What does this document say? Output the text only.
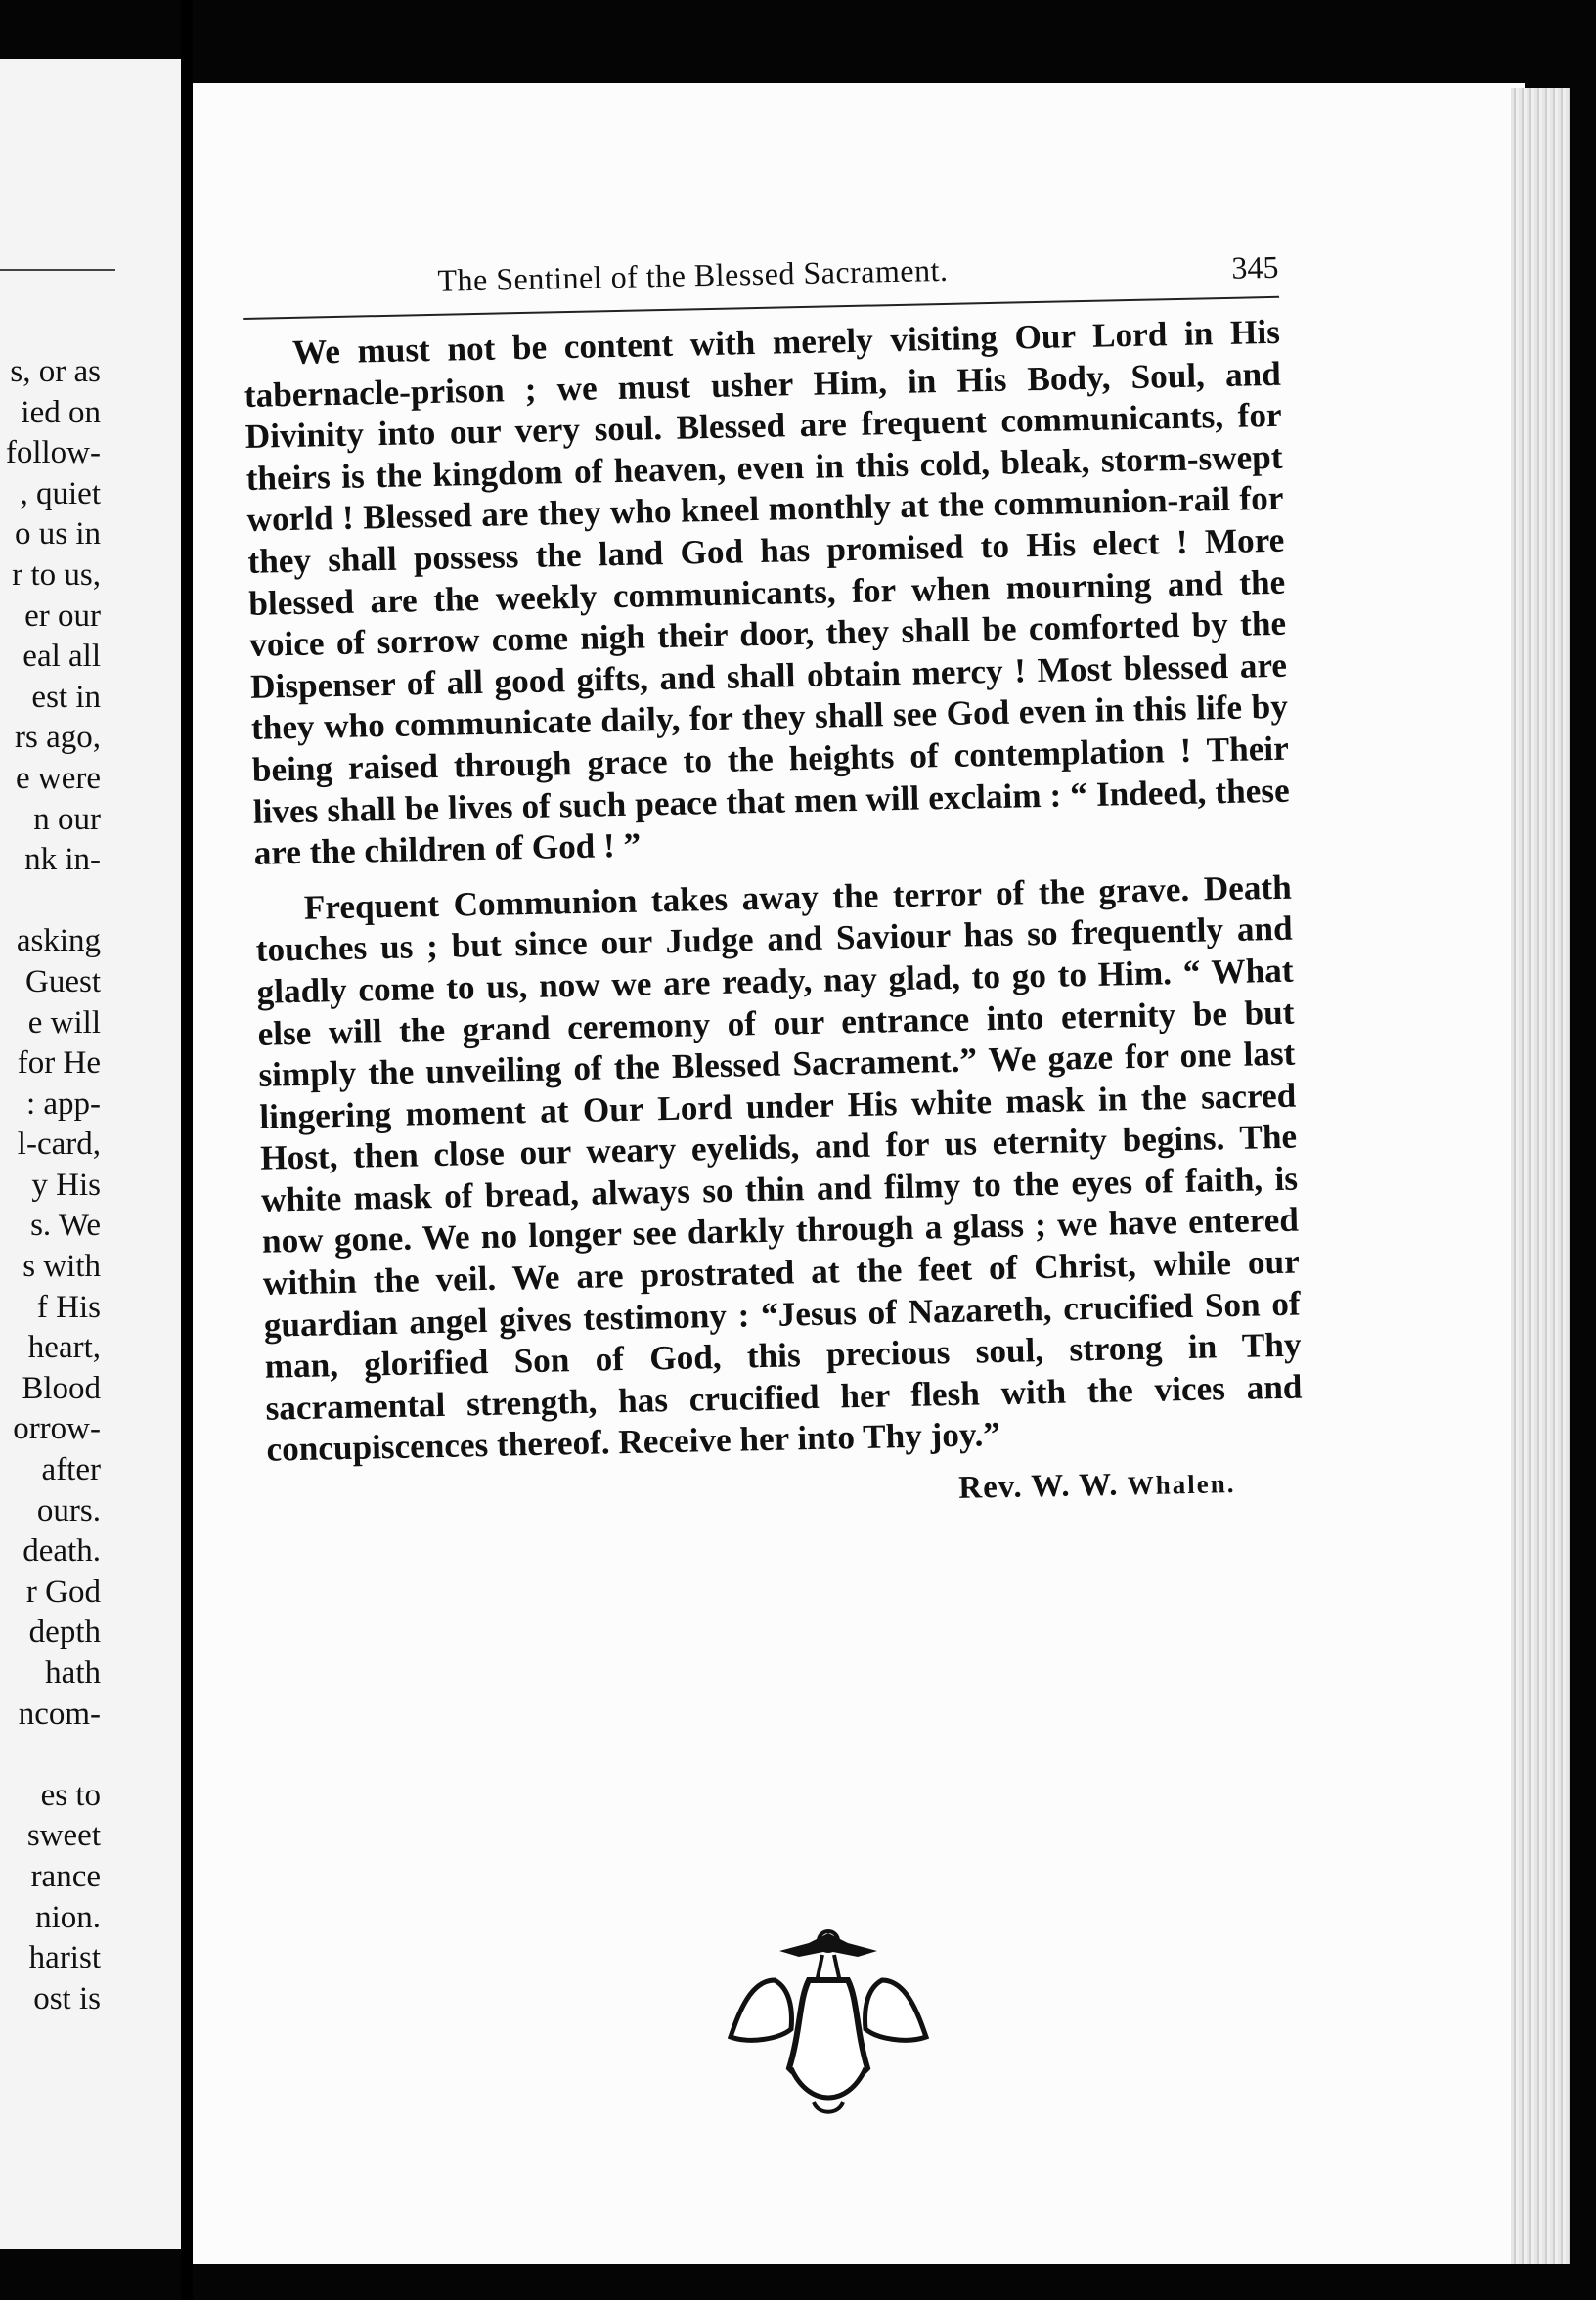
s, or as
ied on
follow-
, quiet
o us in
r to us,
er our
eal all
est in
rs ago,
e were
n our
nk in-
asking
Guest
e will
for He
: app-
l-card,
y His
s. We
s with
f His
heart,
Blood
orrow-
after
ours.
death.
r God
depth
hath
ncom-
es to
sweet
rance
nion.
harist
ost is
The Sentinel of the Blessed Sacrament.	345

We must not be content with merely visiting Our Lord in His tabernacle-prison ; we must usher Him, in His Body, Soul, and Divinity into our very soul. Blessed are frequent communicants, for theirs is the kingdom of heaven, even in this cold, bleak, storm-swept world ! Blessed are they who kneel monthly at the communion-rail for they shall possess the land God has promised to His elect ! More blessed are the weekly communicants, for when mourning and the voice of sorrow come nigh their door, they shall be comforted by the Dispenser of all good gifts, and shall obtain mercy ! Most blessed are they who communicate daily, for they shall see God even in this life by being raised through grace to the heights of contemplation ! Their lives shall be lives of such peace that men will exclaim : “ Indeed, these are the children of God ! ”

Frequent Communion takes away the terror of the grave. Death touches us ; but since our Judge and Saviour has so frequently and gladly come to us, now we are ready, nay glad, to go to Him. “ What else will the grand ceremony of our entrance into eternity be but simply the unveiling of the Blessed Sacrament.” We gaze for one last lingering moment at Our Lord under His white mask in the sacred Host, then close our weary eyelids, and for us eternity begins. The white mask of bread, always so thin and filmy to the eyes of faith, is now gone. We no longer see darkly through a glass ; we have entered within the veil. We are prostrated at the feet of Christ, while our guardian angel gives testimony : “Jesus of Nazareth, crucified Son of man, glorified Son of God, this precious soul, strong in Thy sacramental strength, has crucified her flesh with the vices and concupiscences thereof. Receive her into Thy joy.”

Rev. W. W. Whalen.
